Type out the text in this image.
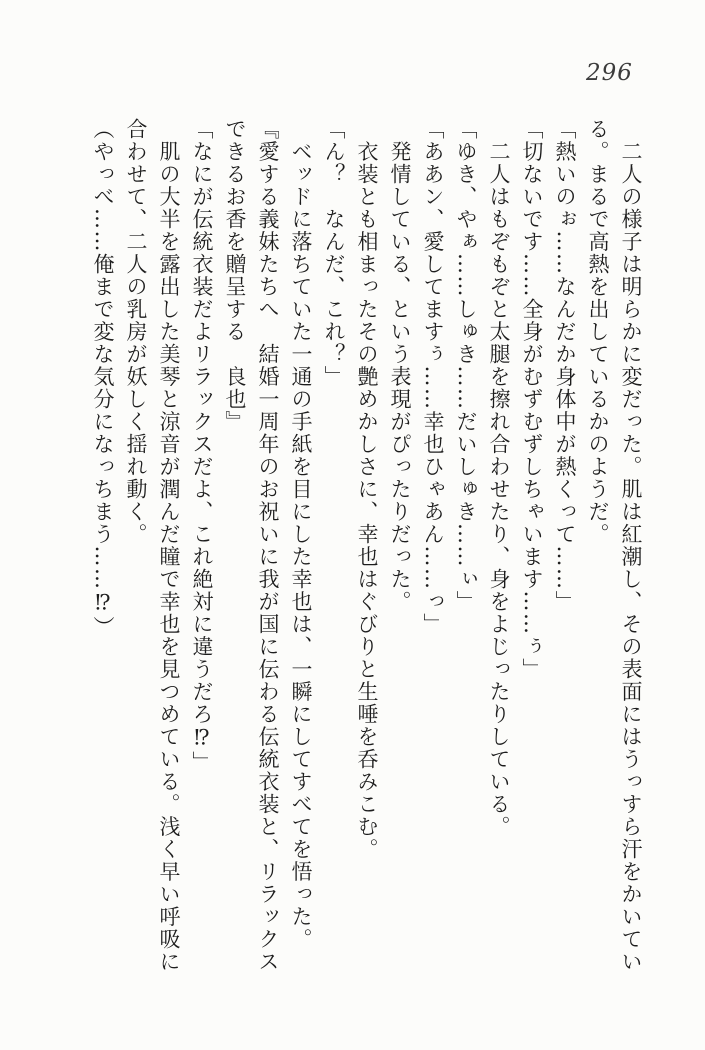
296

　二人の様子は明らかに変だった。肌は紅潮し、その表面にはうっすら汗をかいてい

る。まるで高熱を出しているかのようだ。

「熱いのぉ……なんだか身体中が熱くって……」

「切ないです……全身がむずむずしちゃいます……ぅ」

　二人はもぞもぞと太腿を擦れ合わせたり、身をよじったりしている。

「ゆき、やぁ……しゅき……だいしゅき……ぃ」

「ああン、愛してますぅ……幸也ひゃあん……っ」

　発情している、という表現がぴったりだった。

　衣装とも相まったその艶めかしさに、幸也はぐびりと生唾を呑みこむ。

「ん？　なんだ、これ？」

　ベッドに落ちていた一通の手紙を目にした幸也は、一瞬にしてすべてを悟った。

『愛する義妹たちへ　結婚一周年のお祝いに我が国に伝わる伝統衣装と、リラックス

できるお香を贈呈する　良也』

「なにが伝統衣装だよリラックスだよ、これ絶対に違うだろ⁉」

　肌の大半を露出した美琴と涼音が潤んだ瞳で幸也を見つめている。浅く早い呼吸に

合わせて、二人の乳房が妖しく揺れ動く。

（やっべ……俺まで変な気分になっちまう……⁉）
